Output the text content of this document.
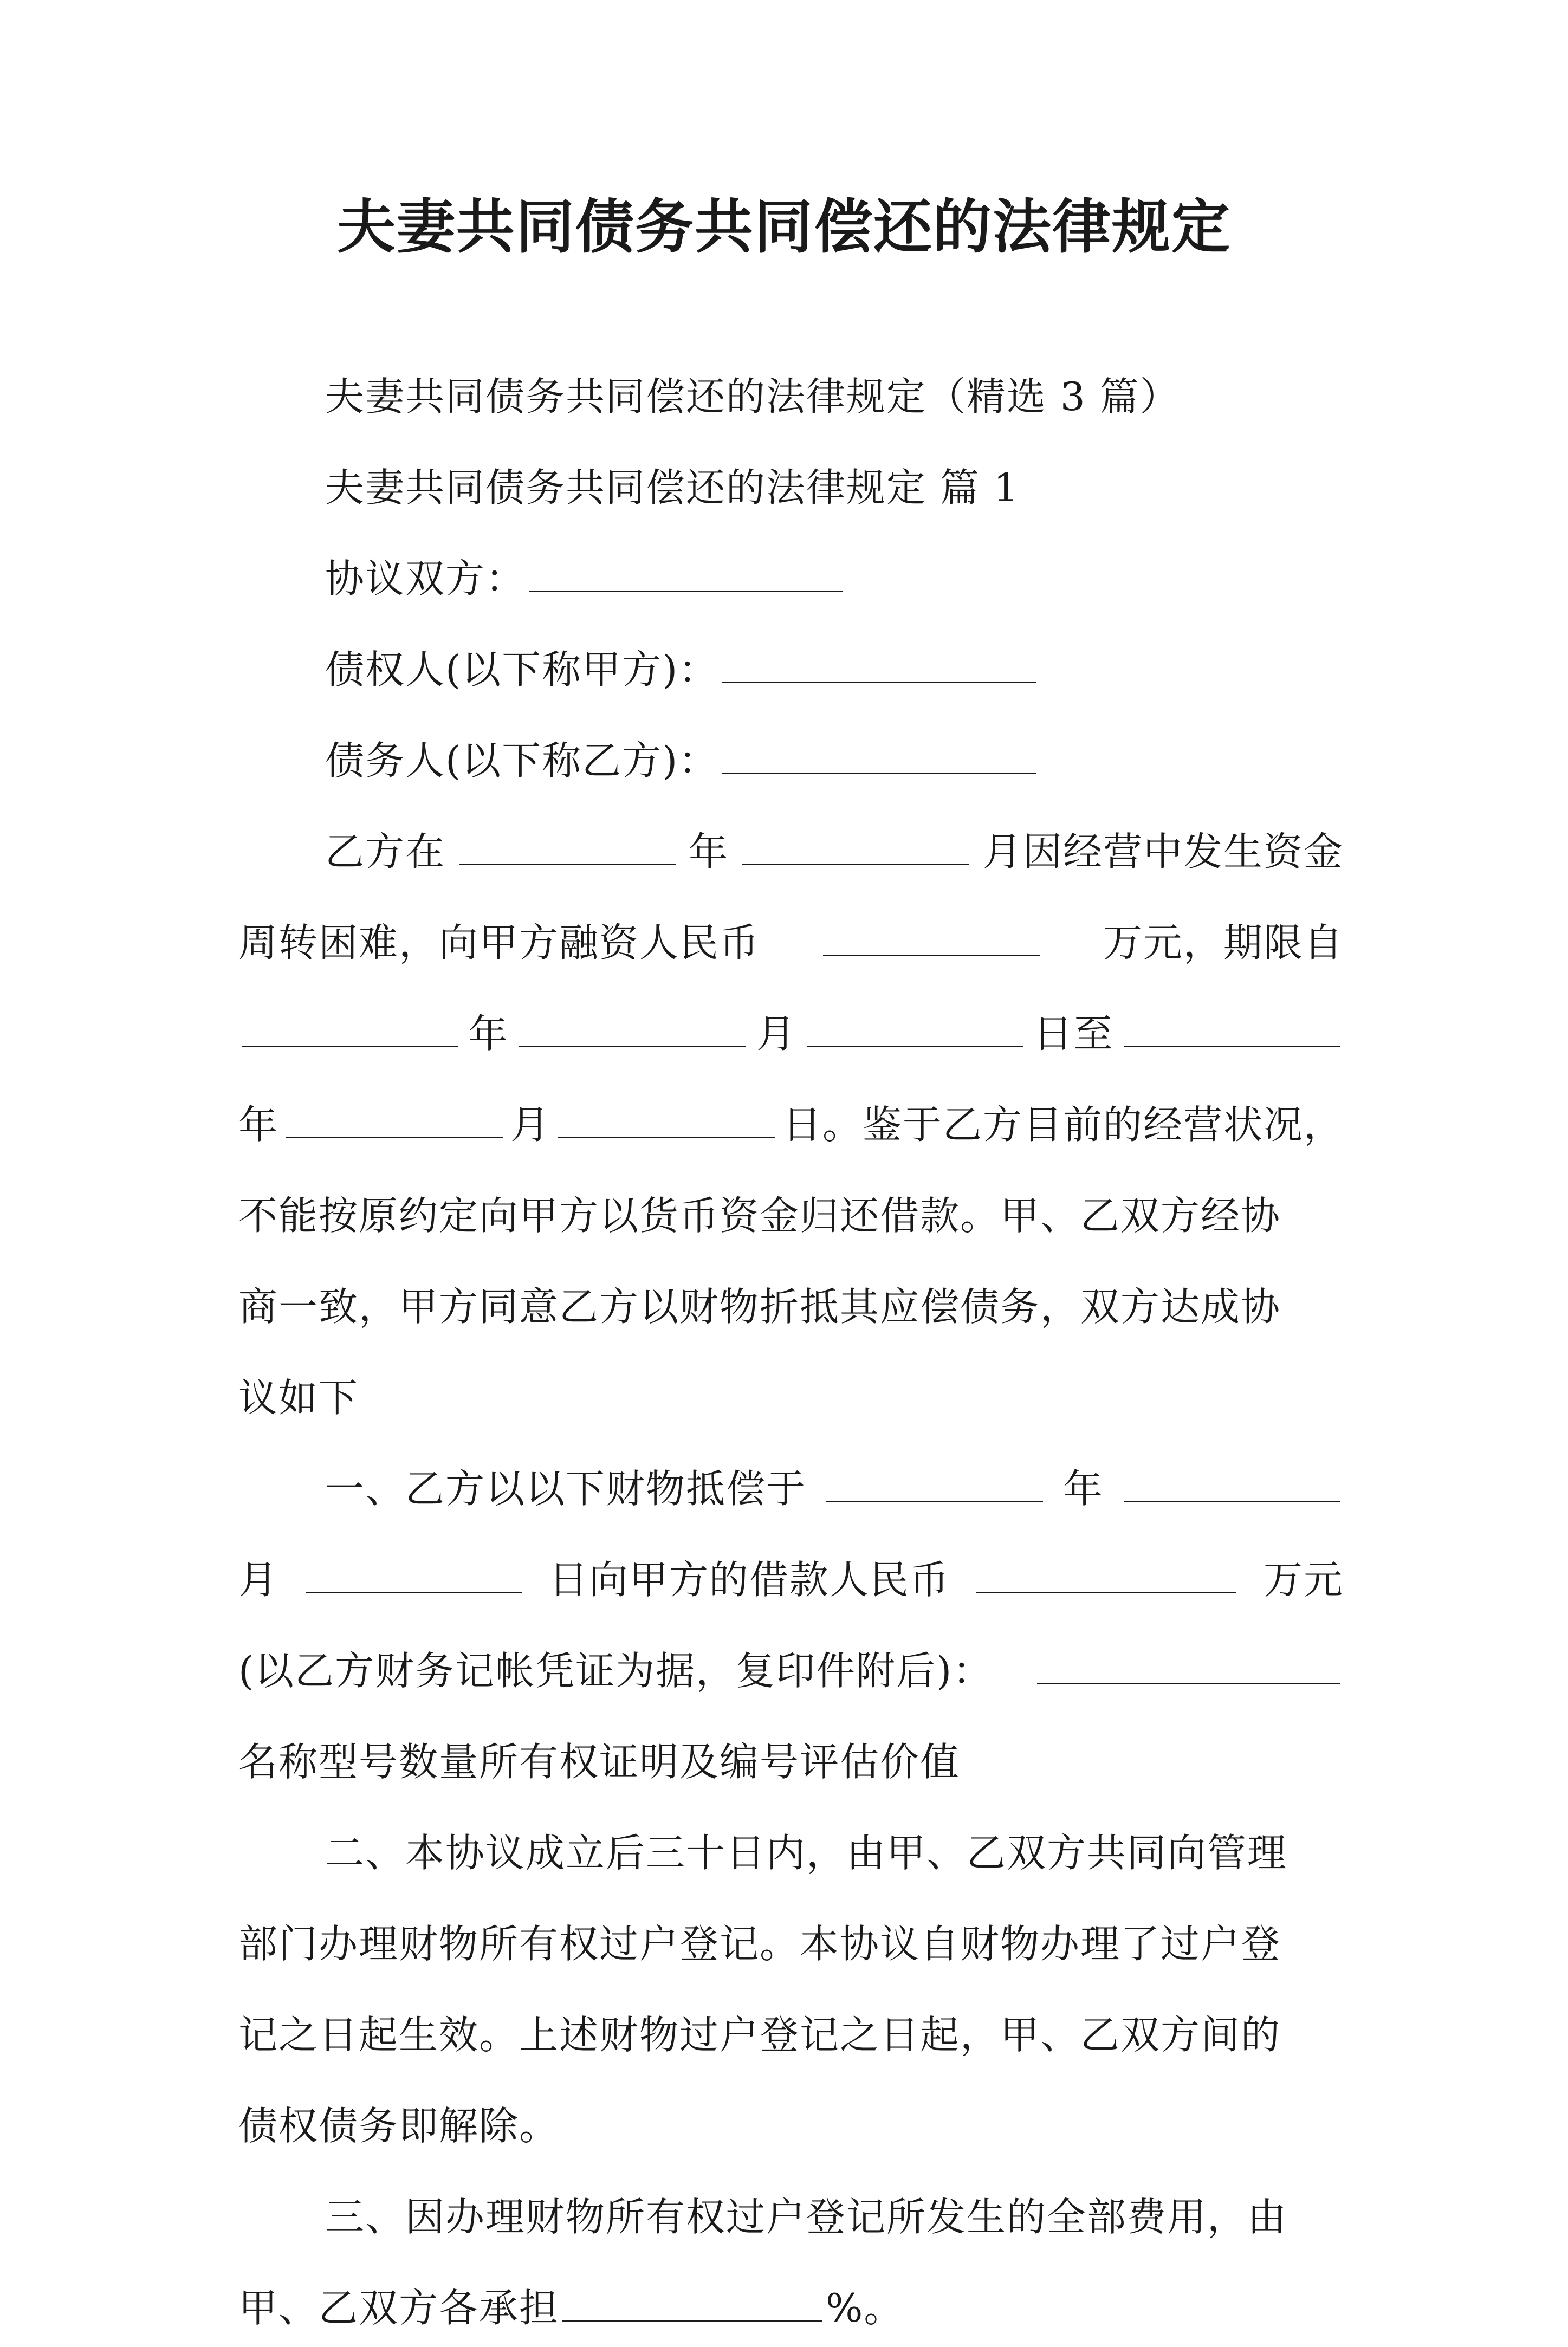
夫妻共同债务共同偿还的法律规定
夫妻共同债务共同偿还的法律规定（精选 3 篇）
夫妻共同债务共同偿还的法律规定 篇 1
协议双方：
债权人(以下称甲方)：
债务人(以下称乙方)：
乙方在	年	月因经营中发生资金
周转困难，向甲方融资人民币	万元，期限自
年	月	日至
年	月	日。鉴于乙方目前的经营状况，
不能按原约定向甲方以货币资金归还借款。甲、乙双方经协
商一致，甲方同意乙方以财物折抵其应偿债务，双方达成协
议如下
一、乙方以以下财物抵偿于	年
月	日向甲方的借款人民币	万元
(以乙方财务记帐凭证为据，复印件附后)：
名称型号数量所有权证明及编号评估价值
二、本协议成立后三十日内，由甲、乙双方共同向管理
部门办理财物所有权过户登记。本协议自财物办理了过户登
记之日起生效。上述财物过户登记之日起，甲、乙双方间的
债权债务即解除。
三、因办理财物所有权过户登记所发生的全部费用，由
甲、乙双方各承担	%。
